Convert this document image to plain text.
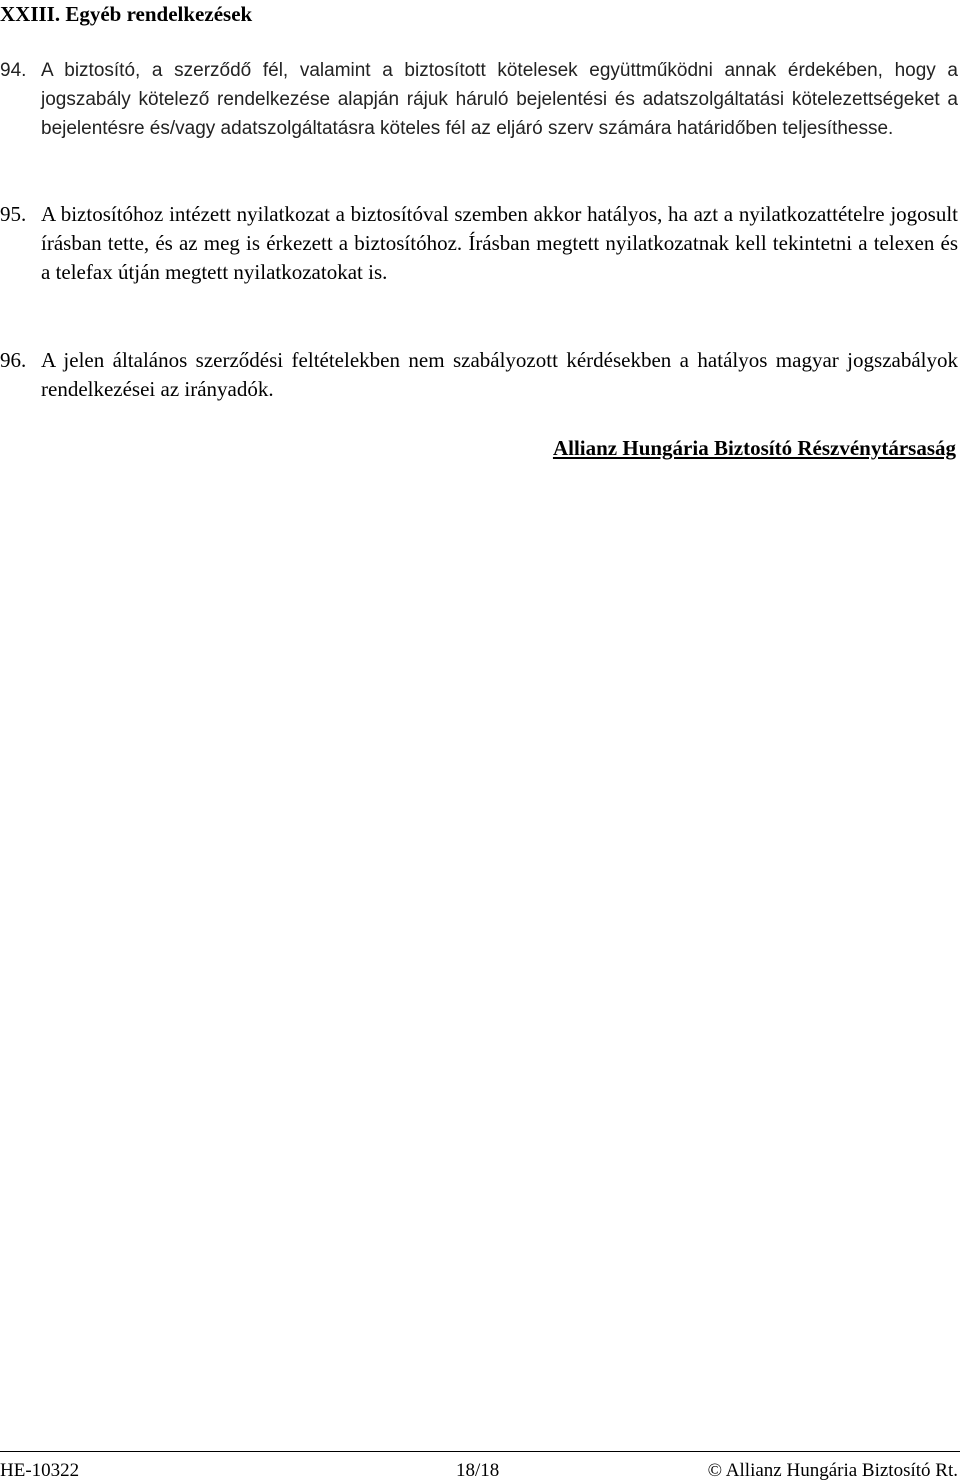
XXIII. Egyéb rendelkezések
94. A biztosító, a szerződő fél, valamint a biztosított kötelesek együttműködni annak érdekében, hogy a jogszabály kötelező rendelkezése alapján rájuk háruló bejelentési és adatszolgáltatási kötelezettségeket a bejelentésre és/vagy adatszolgáltatásra köteles fél az eljáró szerv számára határidőben teljesíthesse.
95. A biztosítóhoz intézett nyilatkozat a biztosítóval szemben akkor hatályos, ha azt a nyilatkozattételre jogosult írásban tette, és az meg is érkezett a biztosítóhoz. Írásban megtett nyilatkozatnak kell tekintetni a telexen és a telefax útján megtett nyilatkozatokat is.
96. A jelen általános szerződési feltételekben nem szabályozott kérdésekben a hatályos magyar jogszabályok rendelkezései az irányadók.
Allianz Hungária Biztosító Részvénytársaság
HE-10322	18/18	© Allianz Hungária Biztosító Rt.
